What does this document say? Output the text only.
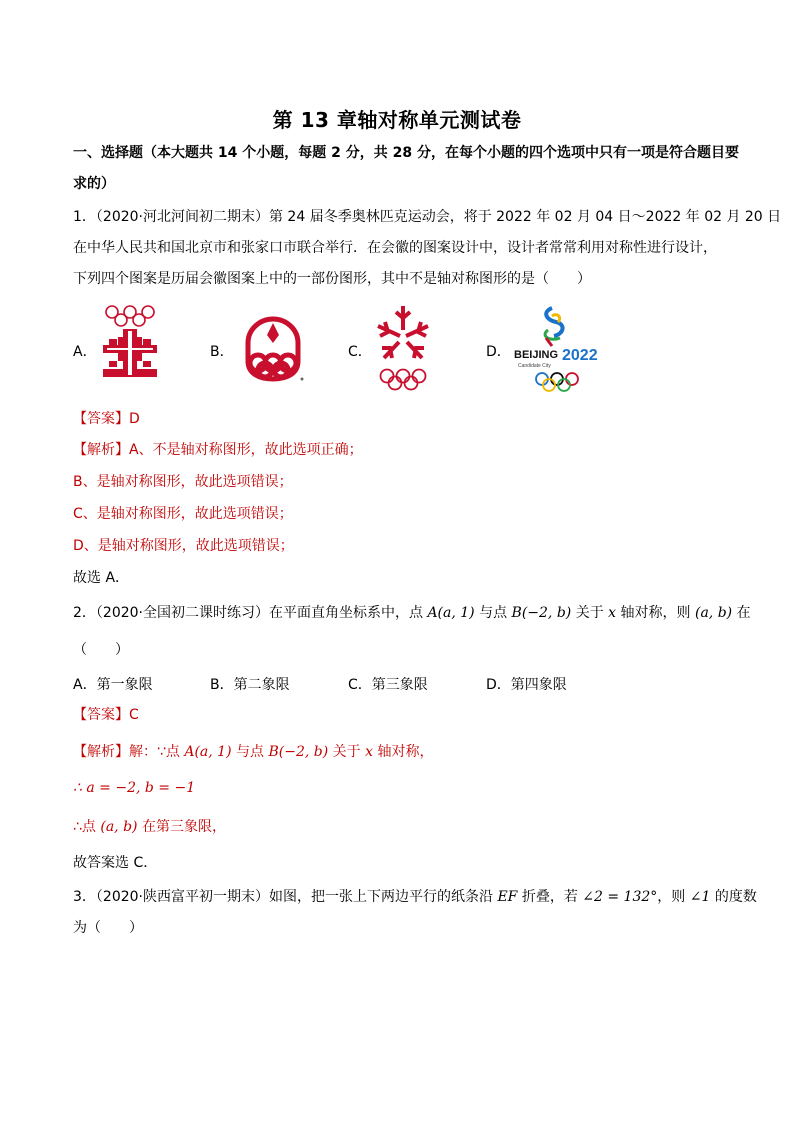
第 13 章轴对称单元测试卷
一、选择题（本大题共 14 个小题，每题 2 分，共 28 分，在每个小题的四个选项中只有一项是符合题目要
求的）
1．（2020·河北河间初二期末）第 24 届冬季奥林匹克运动会，将于 2022 年 02 月 04 日～2022 年 02 月 20 日
在中华人民共和国北京市和张家口市联合举行．在会徽的图案设计中，设计者常常利用对称性进行设计，
下列四个图案是历届会徽图案上中的一部份图形，其中不是轴对称图形的是（　　）
A．	B．	C．	D． BEIJING 2022
Candidate City
【答案】D
【解析】A、不是轴对称图形，故此选项正确；
B、是轴对称图形，故此选项错误；
C、是轴对称图形，故此选项错误；
D、是轴对称图形，故此选项错误；
故选 A．
2．（2020·全国初二课时练习）在平面直角坐标系中，点 A(a, 1) 与点 B(−2, b) 关于 x 轴对称，则 (a, b) 在
（　　）
A．第一象限	B．第二象限	C．第三象限	D．第四象限
【答案】C
【解析】解：∵点 A(a, 1) 与点 B(−2, b) 关于 x 轴对称，
∴ a = −2, b = −1
∴点 (a, b) 在第三象限，
故答案选 C．
3．（2020·陕西富平初一期末）如图，把一张上下两边平行的纸条沿 EF 折叠，若 ∠2 = 132°，则 ∠1 的度数
为（　　）
